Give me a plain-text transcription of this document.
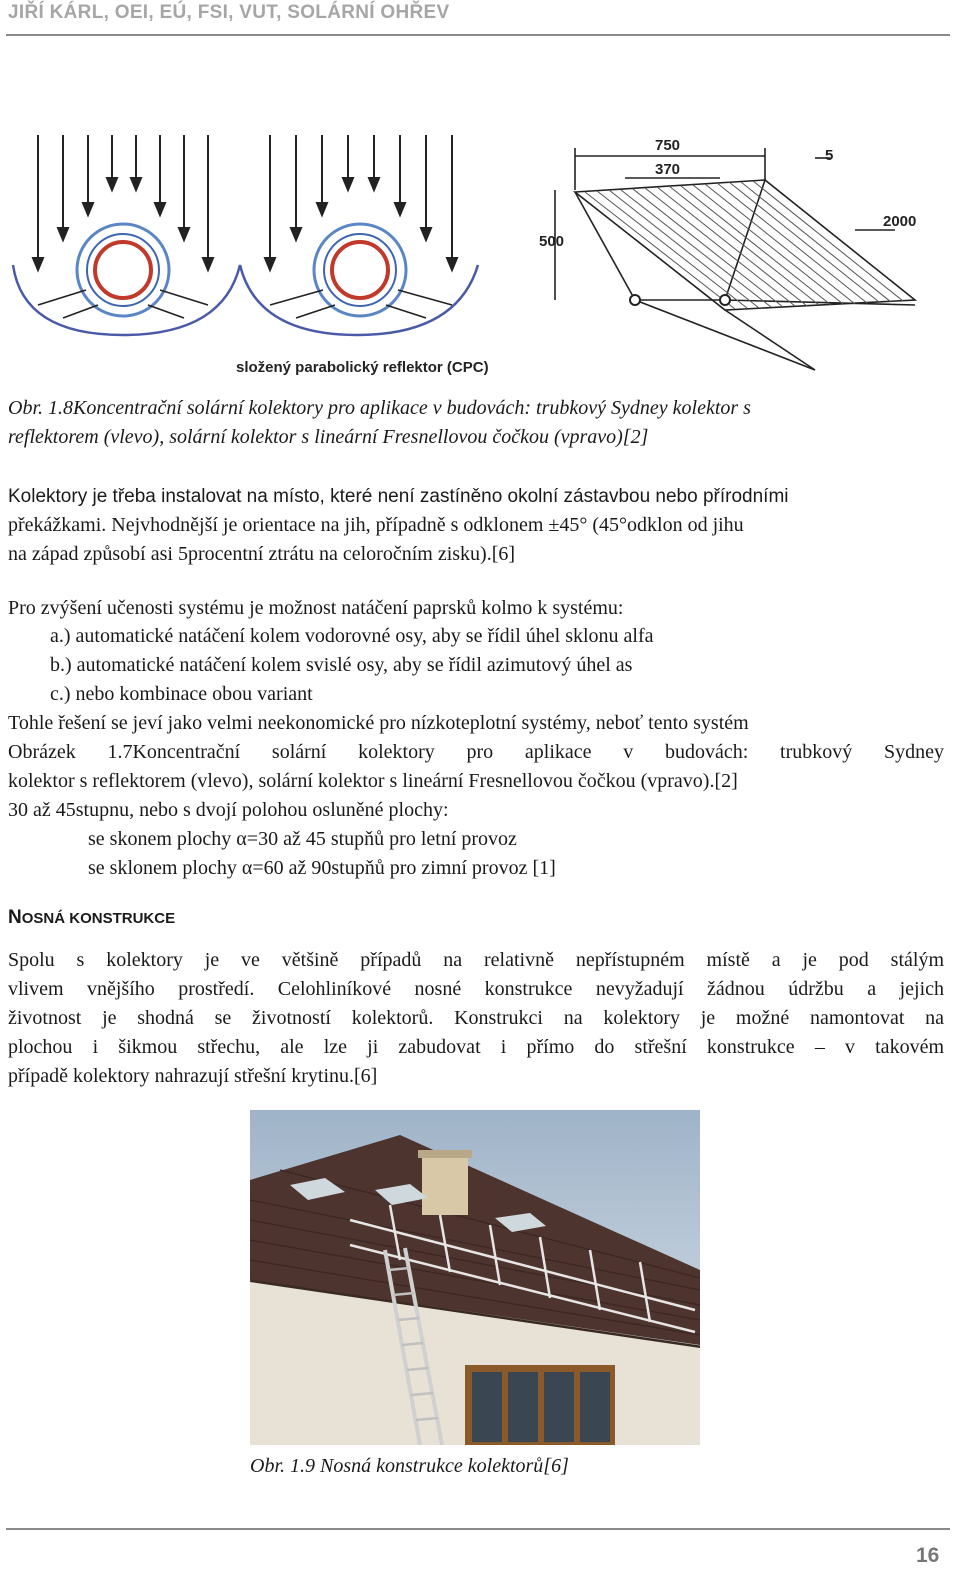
JIŘÍ KÁRL, OEI, EÚ, FSI, VUT, SOLÁRNÍ OHŘEV
složený parabolický reflektor (CPC)
750
370
5
500
2000
Obr. 1.8Koncentrační solární kolektory pro aplikace v budovách: trubkový Sydney kolektor s
reflektorem (vlevo), solární kolektor s lineární Fresnellovou čočkou (vpravo)[2]
Kolektory je třeba instalovat na místo, které není zastíněno okolní zástavbou nebo přírodními
překážkami. Nejvhodnější je orientace na jih, případně s odklonem ±45° (45°odklon od jihu
na západ způsobí asi 5procentní ztrátu na celoročním zisku).[6]
Pro zvýšení učenosti systému je možnost natáčení paprsků kolmo k systému:
a.) automatické natáčení kolem vodorovné osy, aby se řídil úhel sklonu alfa
b.) automatické natáčení kolem svislé osy, aby se řídil azimutový úhel as
c.) nebo kombinace obou variant
Tohle řešení se jeví jako velmi neekonomické pro nízkoteplotní systémy, neboť tento systém
Obrázek 1.7Koncentrační solární kolektory pro aplikace v budovách: trubkový Sydney
kolektor s reflektorem (vlevo), solární kolektor s lineární Fresnellovou čočkou (vpravo).[2]
30 až 45stupnu, nebo s dvojí polohou osluněné plochy:
se skonem plochy α=30 až 45 stupňů pro letní provoz
se sklonem plochy α=60 až 90stupňů pro zimní provoz [1]
NOSNÁ KONSTRUKCE
Spolu s kolektory je ve většině případů na relativně nepřístupném místě a je pod stálým
vlivem vnějšího prostředí. Celohliníkové nosné konstrukce nevyžadují žádnou údržbu a jejich
životnost je shodná se životností kolektorů. Konstrukci na kolektory je možné namontovat na
plochou i šikmou střechu, ale lze ji zabudovat i přímo do střešní konstrukce – v takovém
případě kolektory nahrazují střešní krytinu.[6]
Obr. 1.9 Nosná konstrukce kolektorů[6]
16
